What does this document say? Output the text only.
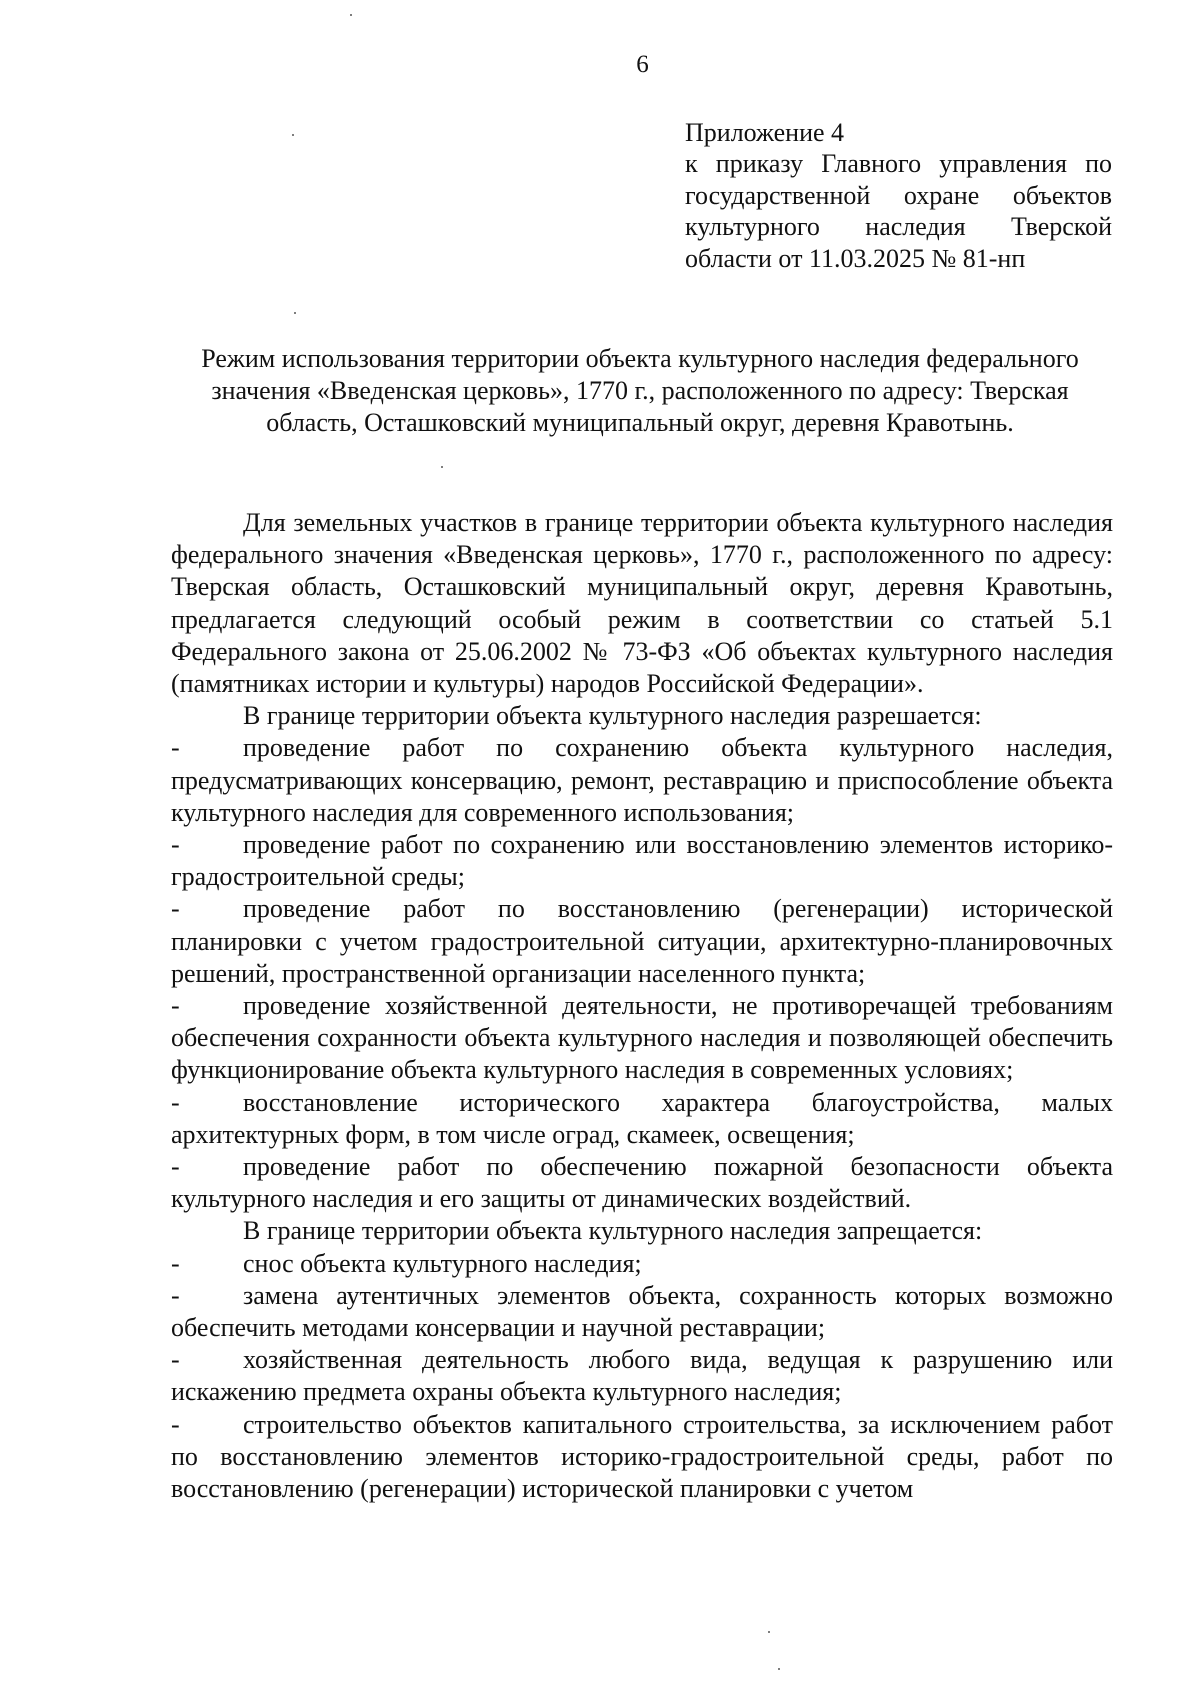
6
Приложение 4
к приказу Главного управления по государственной охране объектов культурного наследия Тверской области от 11.03.2025 № 81-нп
Режим использования территории объекта культурного наследия федерального значения «Введенская церковь», 1770 г., расположенного по адресу: Тверская область, Осташковский муниципальный округ, деревня Кравотынь.

Для земельных участков в границе территории объекта культурного наследия федерального значения «Введенская церковь», 1770 г., расположенного по адресу: Тверская область, Осташковский муниципальный округ, деревня Кравотынь, предлагается следующий особый режим в соответствии со статьей 5.1 Федерального закона от 25.06.2002 № 73-ФЗ «Об объектах культурного наследия (памятниках истории и культуры) народов Российской Федерации».

В границе территории объекта культурного наследия разрешается:

- проведение работ по сохранению объекта культурного наследия, предусматривающих консервацию, ремонт, реставрацию и приспособление объекта культурного наследия для современного использования;
- проведение работ по сохранению или восстановлению элементов историко-градостроительной среды;
- проведение работ по восстановлению (регенерации) исторической планировки с учетом градостроительной ситуации, архитектурно-планировочных решений, пространственной организации населенного пункта;
- проведение хозяйственной деятельности, не противоречащей требованиям обеспечения сохранности объекта культурного наследия и позволяющей обеспечить функционирование объекта культурного наследия в современных условиях;
- восстановление исторического характера благоустройства, малых архитектурных форм, в том числе оград, скамеек, освещения;
- проведение работ по обеспечению пожарной безопасности объекта культурного наследия и его защиты от динамических воздействий.

В границе территории объекта культурного наследия запрещается:

- снос объекта культурного наследия;
- замена аутентичных элементов объекта, сохранность которых возможно обеспечить методами консервации и научной реставрации;
- хозяйственная деятельность любого вида, ведущая к разрушению или искажению предмета охраны объекта культурного наследия;
- строительство объектов капитального строительства, за исключением работ по восстановлению элементов историко-градостроительной среды, работ по восстановлению (регенерации) исторической планировки с учетом
